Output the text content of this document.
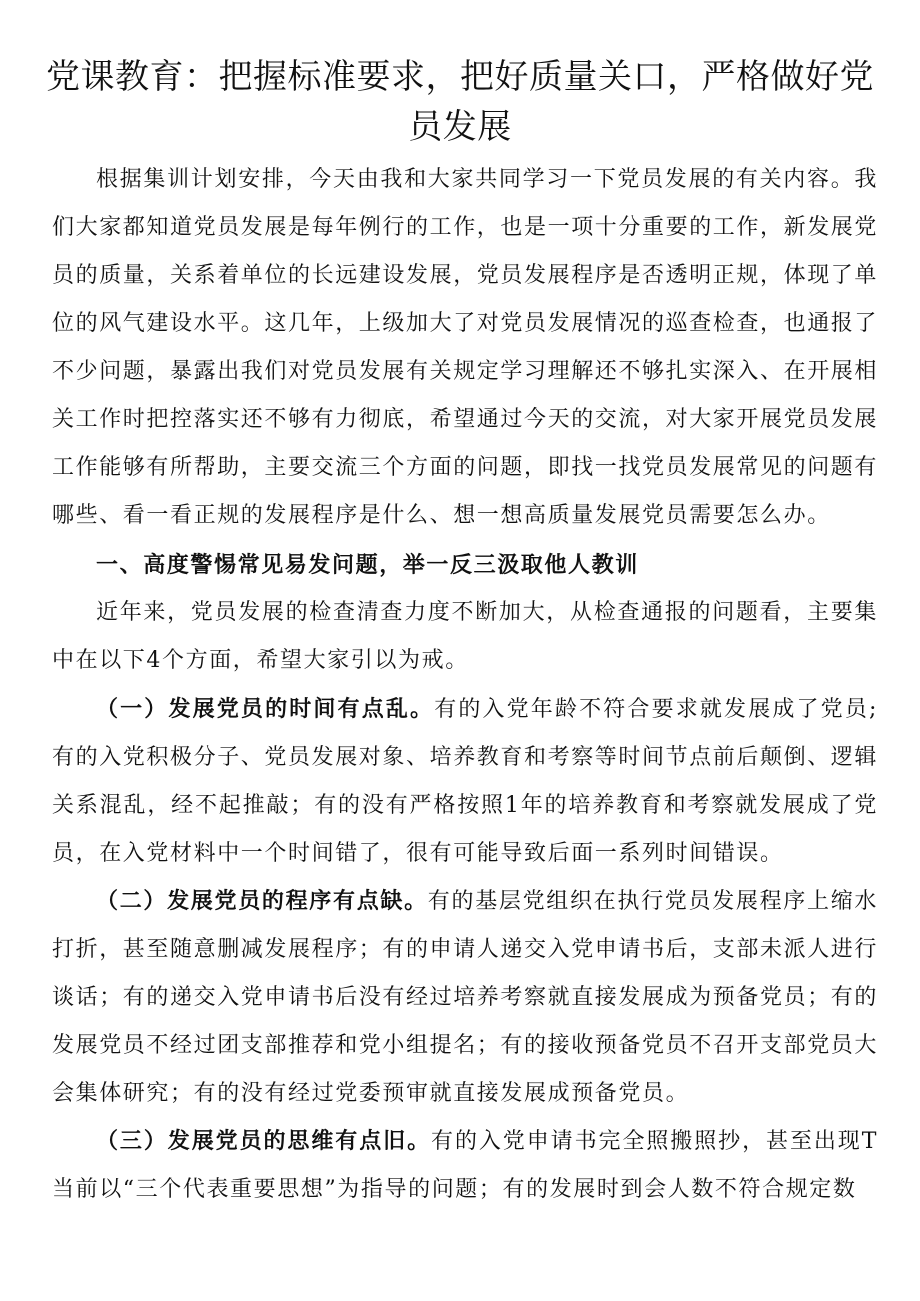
党课教育：把握标准要求，把好质量关口，严格做好党员发展

根据集训计划安排，今天由我和大家共同学习一下党员发展的有关内容。我们大家都知道党员发展是每年例行的工作，也是一项十分重要的工作，新发展党员的质量，关系着单位的长远建设发展，党员发展程序是否透明正规，体现了单位的风气建设水平。这几年，上级加大了对党员发展情况的巡查检查，也通报了不少问题，暴露出我们对党员发展有关规定学习理解还不够扎实深入、在开展相关工作时把控落实还不够有力彻底，希望通过今天的交流，对大家开展党员发展工作能够有所帮助，主要交流三个方面的问题，即找一找党员发展常见的问题有哪些、看一看正规的发展程序是什么、想一想高质量发展党员需要怎么办。

一、高度警惕常见易发问题，举一反三汲取他人教训

近年来，党员发展的检查清查力度不断加大，从检查通报的问题看，主要集中在以下4个方面，希望大家引以为戒。

（一）发展党员的时间有点乱。有的入党年龄不符合要求就发展成了党员;有的入党积极分子、党员发展对象、培养教育和考察等时间节点前后颠倒、逻辑关系混乱，经不起推敲；有的没有严格按照1年的培养教育和考察就发展成了党员，在入党材料中一个时间错了，很有可能导致后面一系列时间错误。

（二）发展党员的程序有点缺。有的基层党组织在执行党员发展程序上缩水打折，甚至随意删减发展程序；有的申请人递交入党申请书后，支部未派人进行谈话；有的递交入党申请书后没有经过培养考察就直接发展成为预备党员；有的发展党员不经过团支部推荐和党小组提名；有的接收预备党员不召开支部党员大会集体研究；有的没有经过党委预审就直接发展成预备党员。

（三）发展党员的思维有点旧。有的入党申请书完全照搬照抄，甚至出现T当前以“三个代表重要思想”为指导的问题；有的发展时到会人数不符合规定数
